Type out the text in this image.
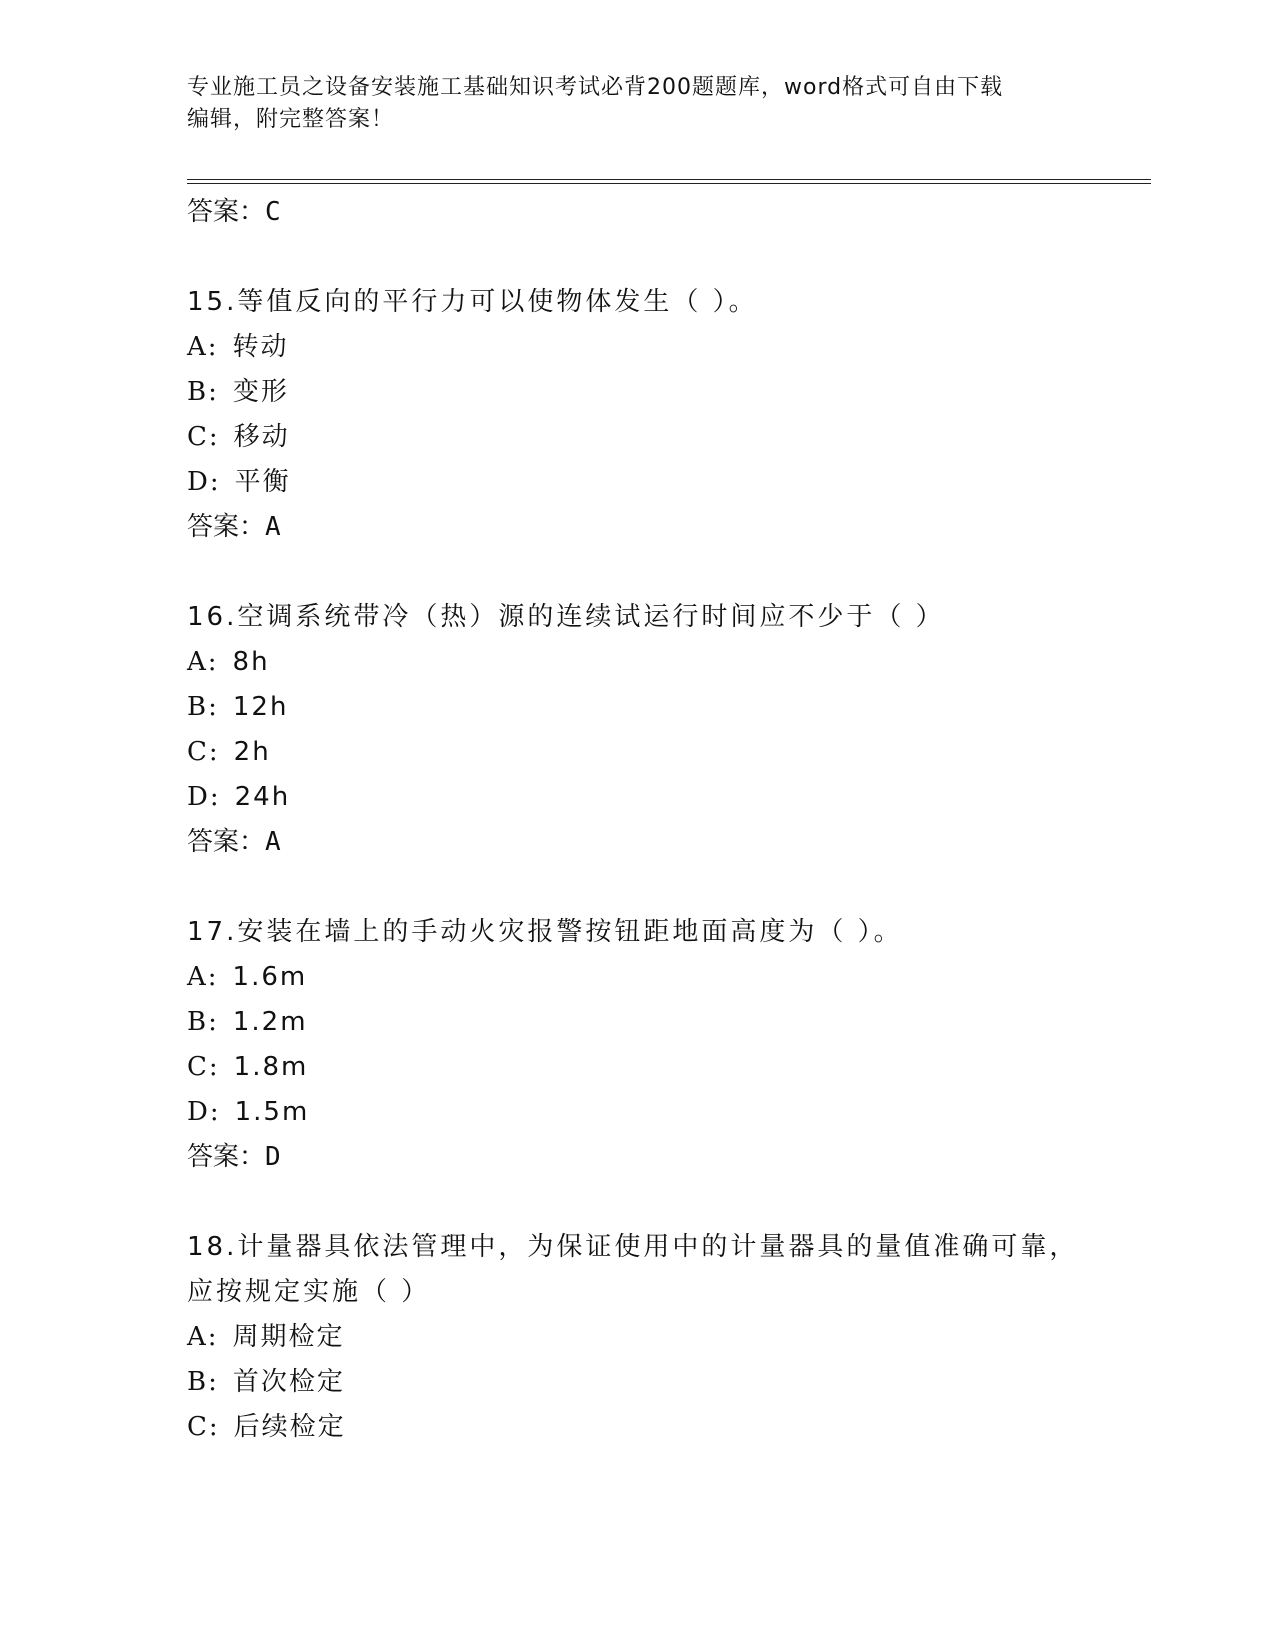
专业施工员之设备安装施工基础知识考试必背200题题库，word格式可自由下载
编辑，附完整答案！
答案：C
15.等值反向的平行力可以使物体发生（ ）。
A: 转动
B: 变形
C: 移动
D: 平衡
答案：A
16.空调系统带冷（热）源的连续试运行时间应不少于（ ）
A: 8h
B: 12h
C: 2h
D: 24h
答案：A
17.安装在墙上的手动火灾报警按钮距地面高度为（ ）。
A: 1.6m
B: 1.2m
C: 1.8m
D: 1.5m
答案：D
18.计量器具依法管理中，为保证使用中的计量器具的量值准确可靠，
应按规定实施（ ）
A: 周期检定
B: 首次检定
C: 后续检定
